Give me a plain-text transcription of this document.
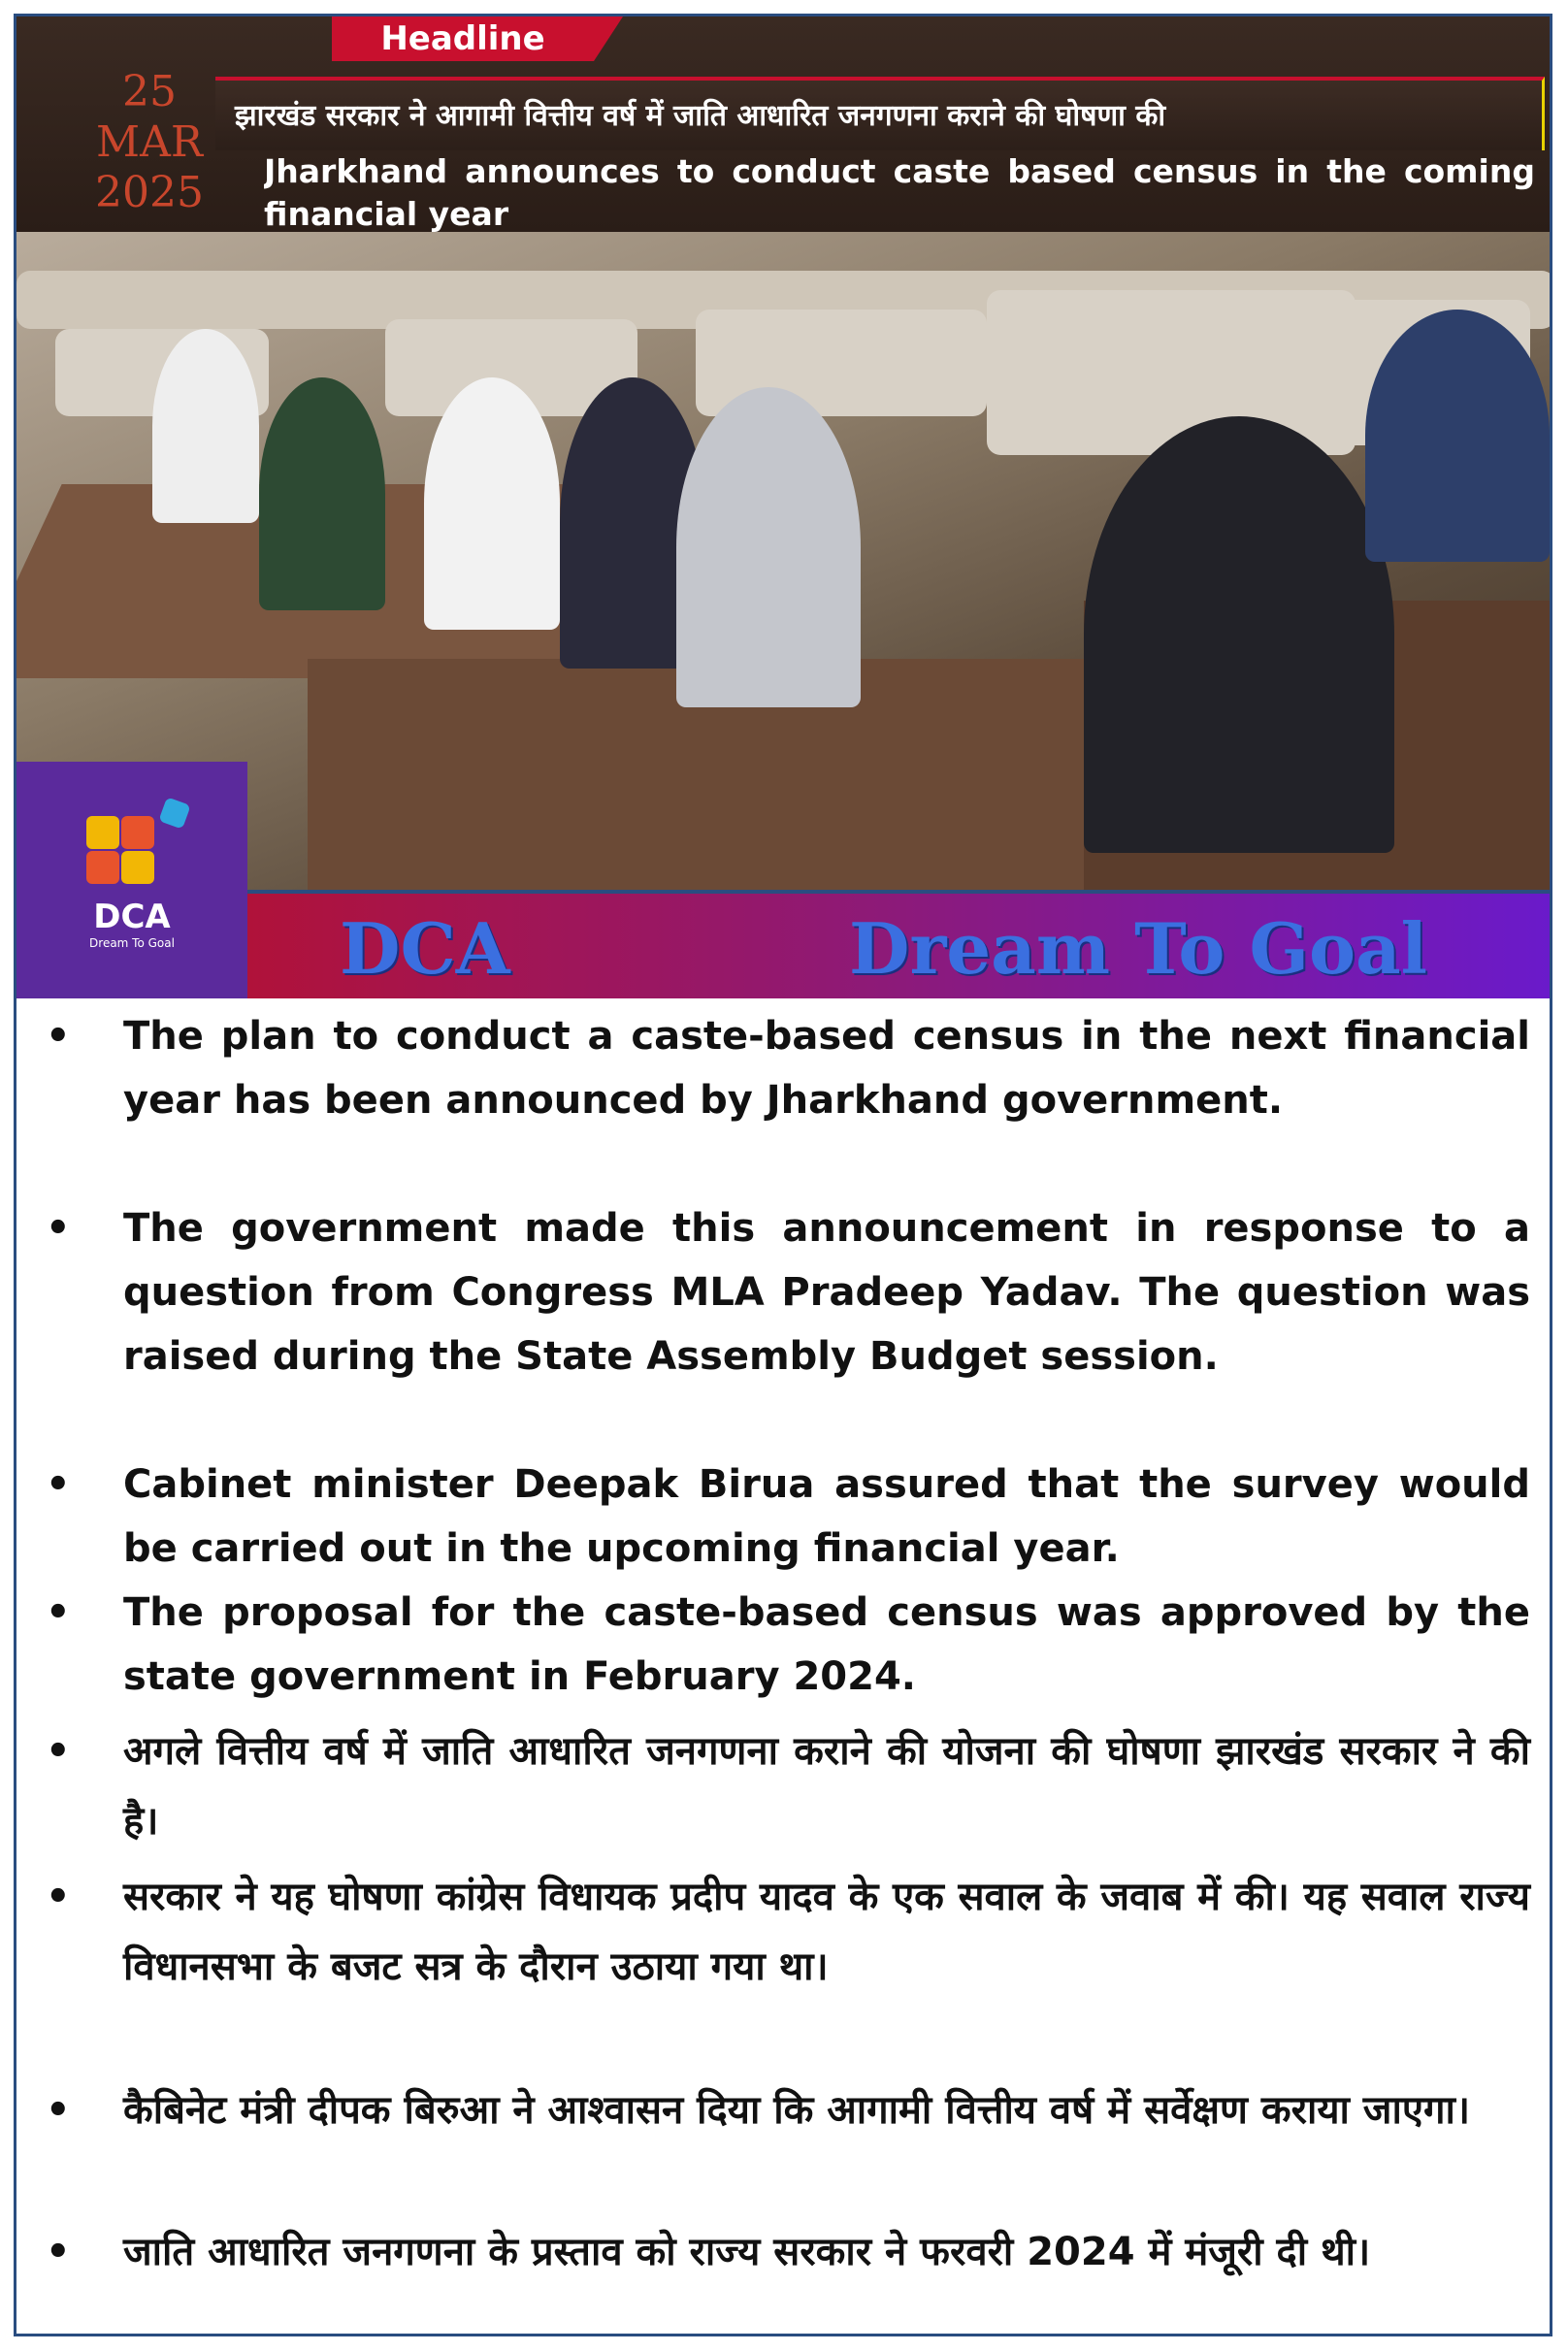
Headline
25
MAR
2025
झारखंड सरकार ने आगामी वित्तीय वर्ष में जाति आधारित जनगणना कराने की घोषणा की
Jharkhand announces to conduct caste based census in the coming financial year
DCA
Dream To Goal	DCA	Dream To Goal

• The plan to conduct a caste-based census in the next financial year has been announced by Jharkhand government.

• The government made this announcement in response to a question from Congress MLA Pradeep Yadav. The question was raised during the State Assembly Budget session.

• Cabinet minister Deepak Birua assured that the survey would be carried out in the upcoming financial year.

• The proposal for the caste-based census was approved by the state government in February 2024.

• अगले वित्तीय वर्ष में जाति आधारित जनगणना कराने की योजना की घोषणा झारखंड सरकार ने की है।

• सरकार ने यह घोषणा कांग्रेस विधायक प्रदीप यादव के एक सवाल के जवाब में की। यह सवाल राज्य विधानसभा के बजट सत्र के दौरान उठाया गया था।

• कैबिनेट मंत्री दीपक बिरुआ ने आश्वासन दिया कि आगामी वित्तीय वर्ष में सर्वेक्षण कराया जाएगा।

• जाति आधारित जनगणना के प्रस्ताव को राज्य सरकार ने फरवरी 2024 में मंजूरी दी थी।
